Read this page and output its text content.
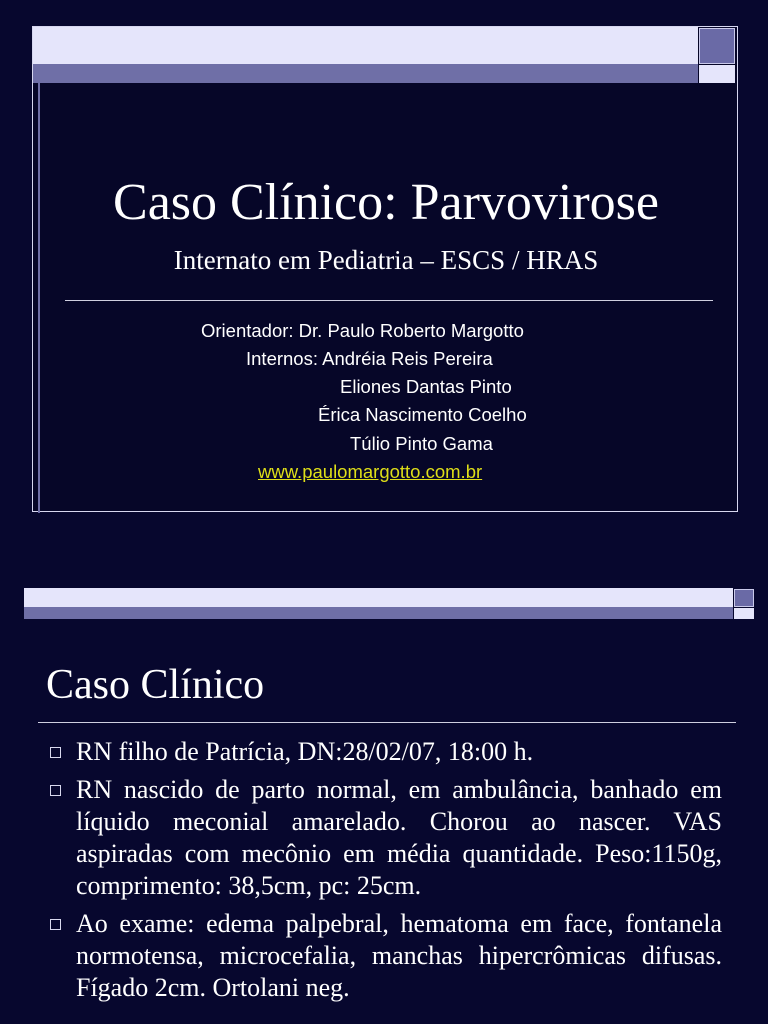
Caso Clínico: Parvovirose
Internato em Pediatria – ESCS / HRAS
Orientador: Dr. Paulo Roberto Margotto
Internos: Andréia Reis Pereira
Eliones Dantas Pinto
Érica Nascimento Coelho
Túlio Pinto Gama
www.paulomargotto.com.br
Caso Clínico
RN filho de Patrícia, DN:28/02/07, 18:00 h.
RN nascido de parto normal, em ambulância, banhado em líquido meconial amarelado. Chorou ao nascer. VAS aspiradas com mecônio em média quantidade. Peso:1150g, comprimento: 38,5cm, pc: 25cm.
Ao exame: edema palpebral, hematoma em face, fontanela normotensa, microcefalia, manchas hipercrômicas difusas. Fígado 2cm. Ortolani neg.
